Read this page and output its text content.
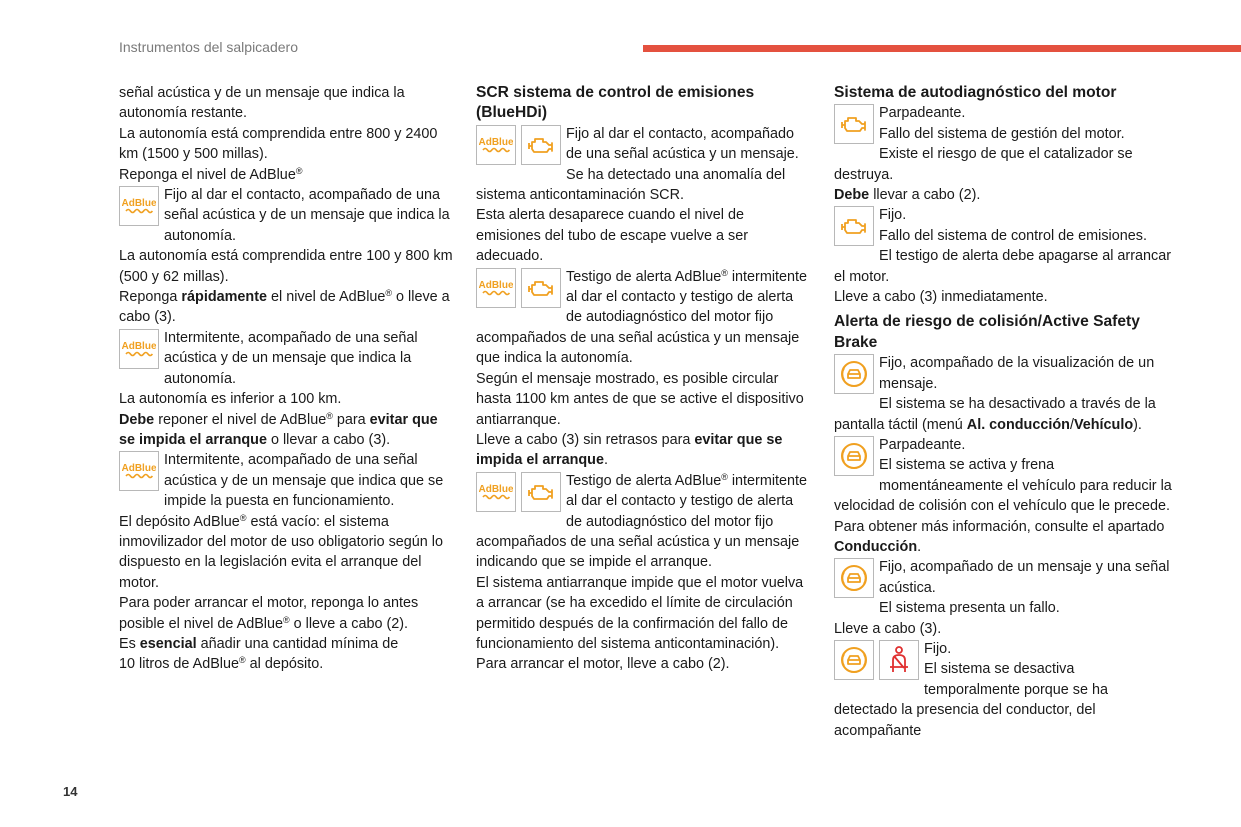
Instrumentos del salpicadero

señal acústica y de un mensaje que indica la autonomía restante.

La autonomía está comprendida entre 800 y 2400 km (1500 y 500 millas).

Reponga el nivel de AdBlue®

AdBlue

Fijo al dar el contacto, acompañado de una señal acústica y de un mensaje que indica la autonomía.

La autonomía está comprendida entre 100 y 800 km (500 y 62 millas).

Reponga rápidamente el nivel de AdBlue® o lleve a cabo (3).

AdBlue

Intermitente, acompañado de una señal acústica y de un mensaje que indica la autonomía.

La autonomía es inferior a 100 km.

Debe reponer el nivel de AdBlue® para evitar que se impida el arranque o llevar a cabo (3).

AdBlue

Intermitente, acompañado de una señal acústica y de un mensaje que indica que se impide la puesta en funcionamiento.

El depósito AdBlue® está vacío: el sistema inmovilizador del motor de uso obligatorio según lo dispuesto en la legislación evita el arranque del motor.

Para poder arrancar el motor, reponga lo antes posible el nivel de AdBlue® o lleve a cabo (2).

Es esencial añadir una cantidad mínima de
10 litros de AdBlue® al depósito.

SCR sistema de control de emisiones (BlueHDi)

AdBlue

Fijo al dar el contacto, acompañado de una señal acústica y un mensaje.

Se ha detectado una anomalía del sistema anticontaminación SCR.

Esta alerta desaparece cuando el nivel de emisiones del tubo de escape vuelve a ser adecuado.

AdBlue

Testigo de alerta AdBlue® intermitente al dar el contacto y testigo de alerta de autodiagnóstico del motor fijo acompañados de una señal acústica y un mensaje que indica la autonomía.

Según el mensaje mostrado, es posible circular hasta 1100 km antes de que se active el dispositivo antiarranque.

Lleve a cabo (3) sin retrasos para evitar que se impida el arranque.

AdBlue

Testigo de alerta AdBlue® intermitente al dar el contacto y testigo de alerta de autodiagnóstico del motor fijo acompañados de una señal acústica y un mensaje indicando que se impide el arranque.

El sistema antiarranque impide que el motor vuelva a arrancar (se ha excedido el límite de circulación permitido después de la confirmación del fallo de funcionamiento del sistema anticontaminación).

Para arrancar el motor, lleve a cabo (2).

Sistema de autodiagnóstico del motor

Parpadeante.
Fallo del sistema de gestión del motor.

Existe el riesgo de que el catalizador se destruya.

Debe llevar a cabo (2).

Fijo.
Fallo del sistema de control de emisiones.

El testigo de alerta debe apagarse al arrancar el motor.

Lleve a cabo (3) inmediatamente.

Alerta de riesgo de colisión/Active Safety Brake

Fijo, acompañado de la visualización de un mensaje.

El sistema se ha desactivado a través de la pantalla táctil (menú Al. conducción/Vehículo).

Parpadeante.
El sistema se activa y frena momentáneamente el vehículo para reducir la velocidad de colisión con el vehículo que le precede.

Para obtener más información, consulte el apartado Conducción.

Fijo, acompañado de un mensaje y una señal acústica.

El sistema presenta un fallo.

Lleve a cabo (3).

Fijo.
El sistema se desactiva temporalmente porque se ha detectado la presencia del conductor, del acompañante

14
